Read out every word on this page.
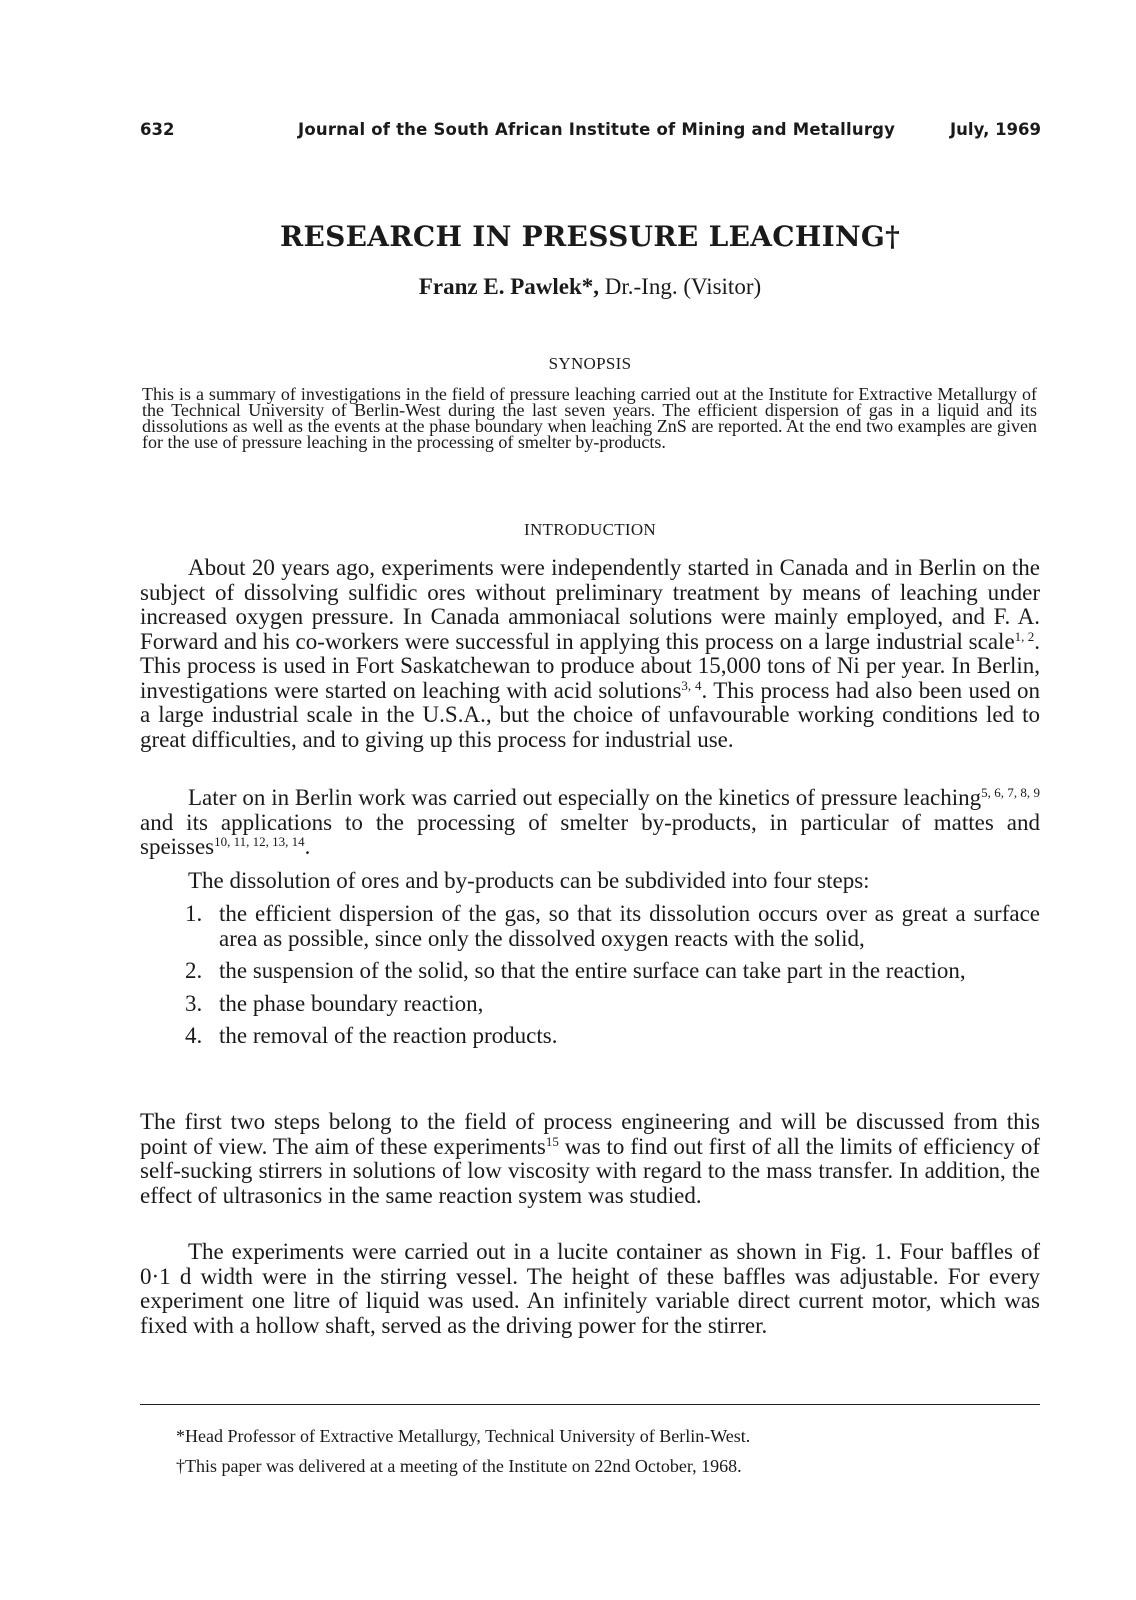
632	Journal of the South African Institute of Mining and Metallurgy	July, 1969
RESEARCH IN PRESSURE LEACHING†
Franz E. Pawlek*, Dr.-Ing. (Visitor)
SYNOPSIS

This is a summary of investigations in the field of pressure leaching carried out at the Institute for Extractive Metallurgy of the Technical University of Berlin-West during the last seven years. The efficient dispersion of gas in a liquid and its dissolutions as well as the events at the phase boundary when leaching ZnS are reported. At the end two examples are given for the use of pressure leaching in the processing of smelter by-products.

INTRODUCTION

About 20 years ago, experiments were independently started in Canada and in Berlin on the subject of dissolving sulfidic ores without preliminary treatment by means of leaching under increased oxygen pressure. In Canada ammoniacal solutions were mainly employed, and F. A. Forward and his co-workers were successful in applying this process on a large industrial scale$^{1, 2}$. This process is used in Fort Saskatchewan to produce about 15,000 tons of Ni per year. In Berlin, investigations were started on leaching with acid solutions$^{3, 4}$. This process had also been used on a large industrial scale in the U.S.A., but the choice of unfavourable working conditions led to great difficulties, and to giving up this process for industrial use.

Later on in Berlin work was carried out especially on the kinetics of pressure leaching$^{5, 6, 7, 8, 9}$ and its applications to the processing of smelter by-products, in particular of mattes and speisses$^{10, 11, 12, 13, 14}$.

The dissolution of ores and by-products can be subdivided into four steps:

1. the efficient dispersion of the gas, so that its dissolution occurs over as great a surface area as possible, since only the dissolved oxygen reacts with the solid,
2. the suspension of the solid, so that the entire surface can take part in the reaction,
3. the phase boundary reaction,
4. the removal of the reaction products.

The first two steps belong to the field of process engineering and will be discussed from this point of view. The aim of these experiments$^{15}$ was to find out first of all the limits of efficiency of self-sucking stirrers in solutions of low viscosity with regard to the mass transfer. In addition, the effect of ultrasonics in the same reaction system was studied.

The experiments were carried out in a lucite container as shown in Fig. 1. Four baffles of 0·1 d width were in the stirring vessel. The height of these baffles was adjustable. For every experiment one litre of liquid was used. An infinitely variable direct current motor, which was fixed with a hollow shaft, served as the driving power for the stirrer.

*Head Professor of Extractive Metallurgy, Technical University of Berlin-West.

†This paper was delivered at a meeting of the Institute on 22nd October, 1968.
